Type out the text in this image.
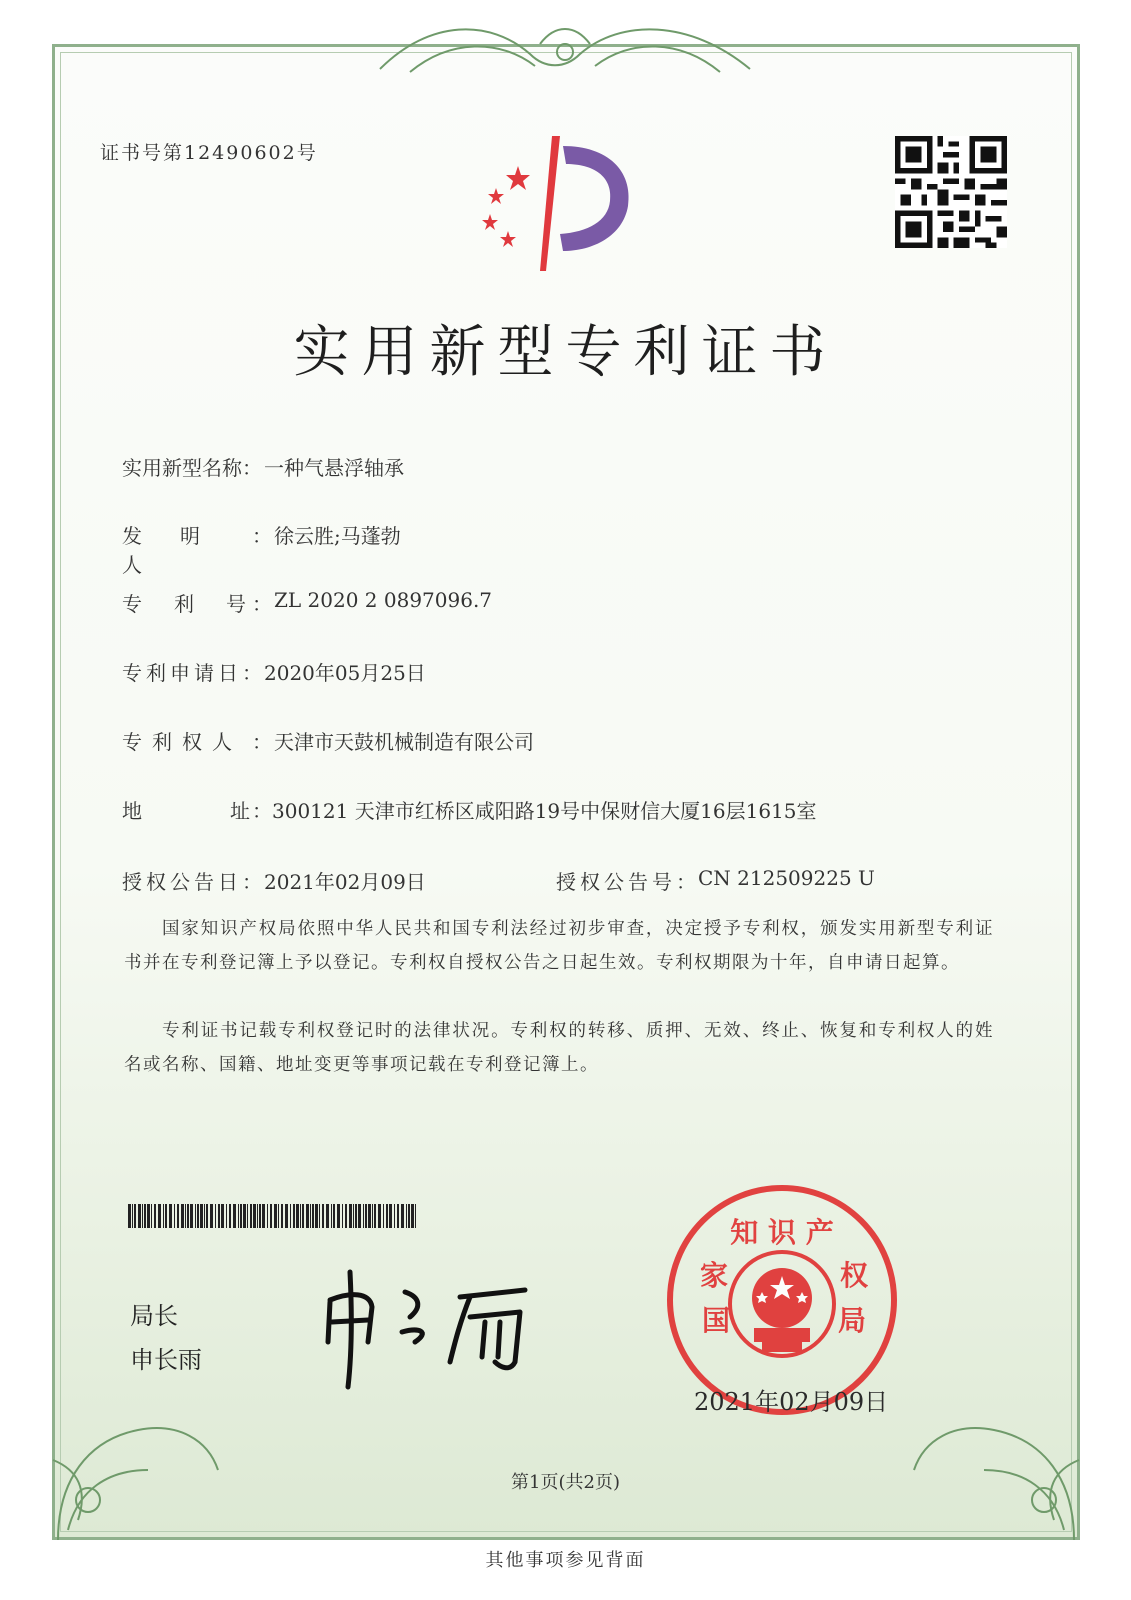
证书号第12490602号
实用新型专利证书
实用新型名称 ： 一种气悬浮轴承
发明人
： 徐云胜;马蓬勃
专利号 ： ZL 2020 2 0897096.7
专利申请日 ： 2020年05月25日
专利权人	： 天津市天鼓机械制造有限公司
地址 ： 300121 天津市红桥区咸阳路19号中保财信大厦16层1615室
授权公告日 ： 2021年02月09日	授权公告号 ： CN 212509225 U
国家知识产权局依照中华人民共和国专利法经过初步审查，决定授予专利权，颁发实用新型专利证书并在专利登记簿上予以登记。专利权自授权公告之日起生效。专利权期限为十年，自申请日起算。
专利证书记载专利权登记时的法律状况。专利权的转移、质押、无效、终止、恢复和专利权人的姓名或名称、国籍、地址变更等事项记载在专利登记簿上。
局长
申长雨
知 识 产
国
家	权
局
2021年02月09日
第1页(共2页)
其他事项参见背面
